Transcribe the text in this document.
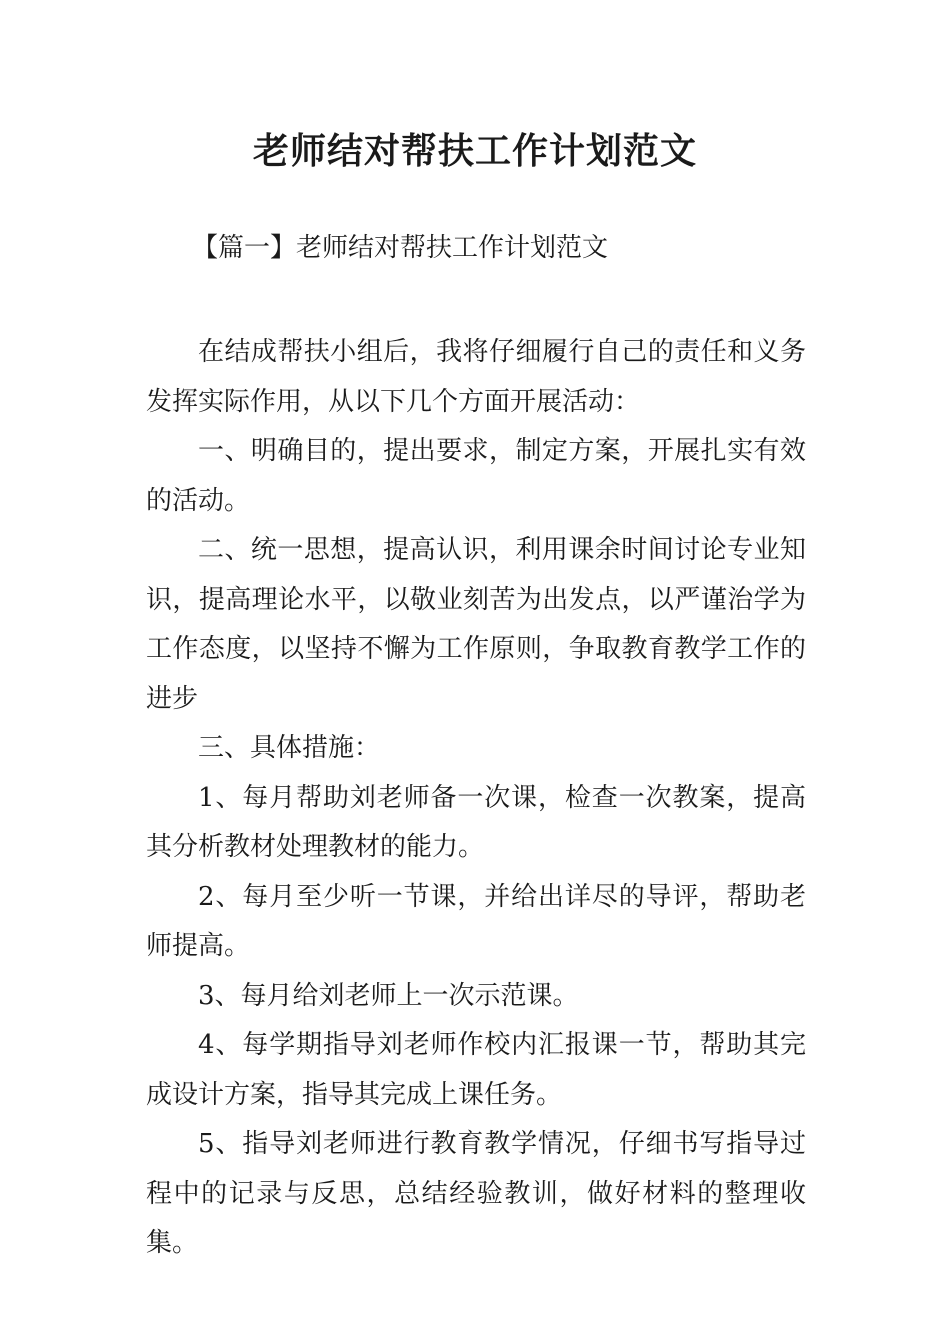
老师结对帮扶工作计划范文
【篇一】老师结对帮扶工作计划范文

在结成帮扶小组后，我将仔细履行自己的责任和义务发挥实际作用，从以下几个方面开展活动：

一、明确目的，提出要求，制定方案，开展扎实有效的活动。

二、统一思想，提高认识，利用课余时间讨论专业知识，提高理论水平，以敬业刻苦为出发点，以严谨治学为工作态度，以坚持不懈为工作原则，争取教育教学工作的进步

三、具体措施：

1、每月帮助刘老师备一次课，检查一次教案，提高其分析教材处理教材的能力。

2、每月至少听一节课，并给出详尽的导评，帮助老师提高。

3、每月给刘老师上一次示范课。

4、每学期指导刘老师作校内汇报课一节，帮助其完成设计方案，指导其完成上课任务。

5、指导刘老师进行教育教学情况，仔细书写指导过程中的记录与反思，总结经验教训，做好材料的整理收集。
